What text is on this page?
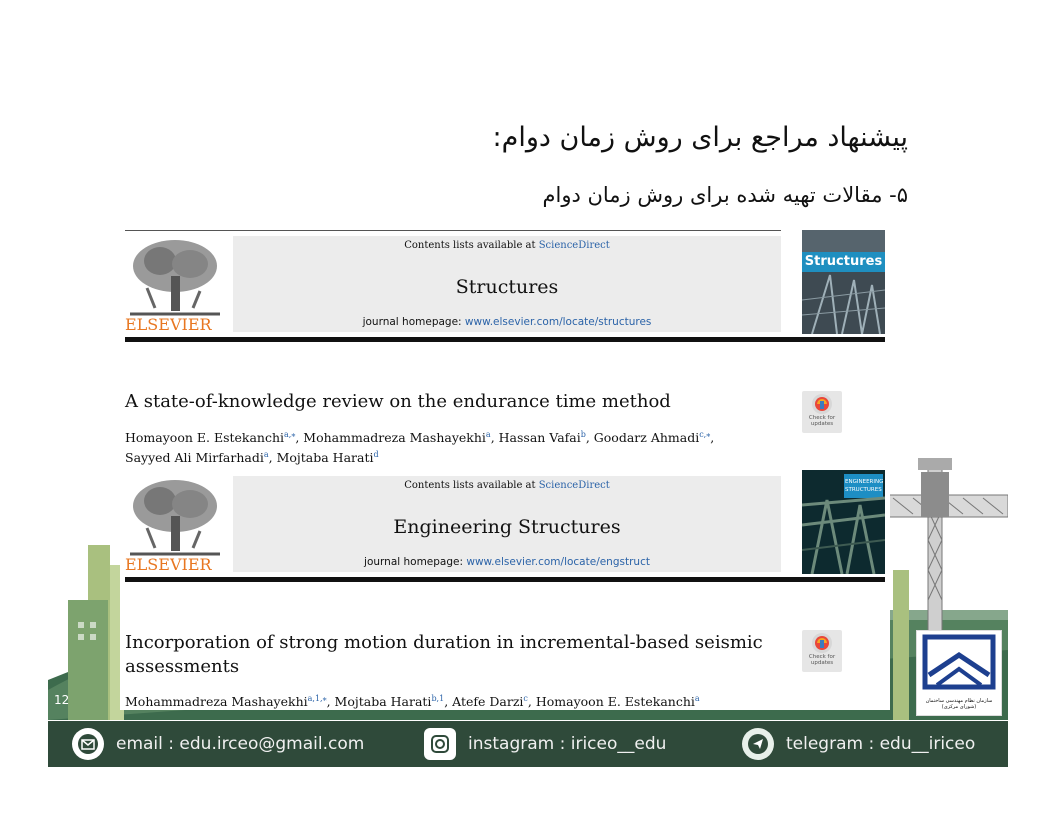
پیشنهاد مراجع برای روش زمان دوام:
۵- مقالات تهیه شده برای روش زمان دوام
ELSEVIER
Contents lists available at ScienceDirect
Structures
journal homepage: www.elsevier.com/locate/structures
Structures
A state-of-knowledge review on the endurance time method
Homayoon E. Estekanchi$^{a,⁎}$, Mohammadreza Mashayekhi$^a$, Hassan Vafai$^b$, Goodarz Ahmadi$^{c,⁎}$,
Sayyed Ali Mirfarhadi$^a$, Mojtaba Harati$^d$
Check for updates
ELSEVIER
Contents lists available at ScienceDirect
Engineering Structures
journal homepage: www.elsevier.com/locate/engstruct
ENGINEERING
STRUCTURES
Incorporation of strong motion duration in incremental-based seismic
assessments
Mohammadreza Mashayekhi$^{a,1,⁎}$, Mojtaba Harati$^{b,1}$, Atefe Darzi$^c$, Homayoon E. Estekanchi$^a$
Check for updates
12	سازمان نظام مهندسی ساختمان (شورای مرکزی)
email : edu.irceo@gmail.com	instagram : iriceo__edu	telegram : edu__iriceo
